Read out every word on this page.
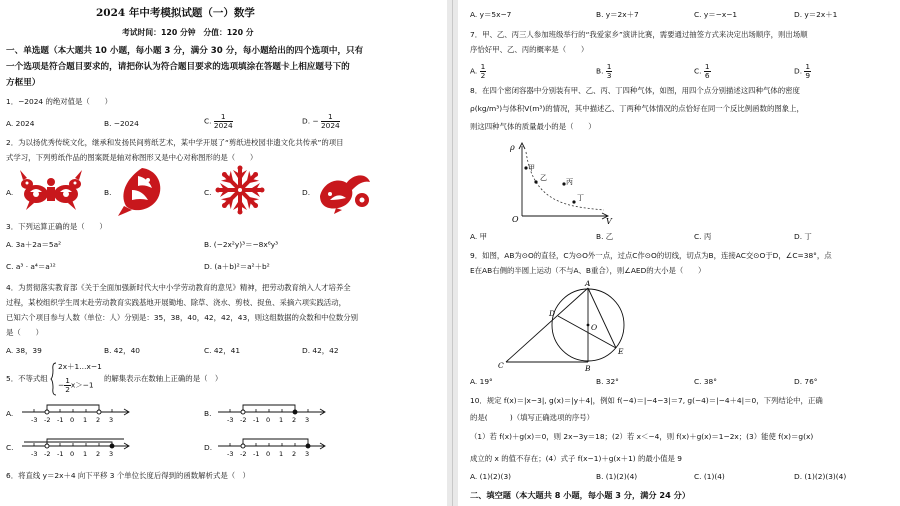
2024 年中考模拟试题（一）数学
考试时间：120 分钟　分值：120 分
一、单选题（本大题共 10 小题，每小题 3 分，满分 30 分，每小题给出的四个选项中，只有
一个选项是符合题目要求的，请把你认为符合题目要求的选项填涂在答题卡上相应题号下的
方框里）
1．−2024 的绝对值是（　　）
A. 2024	B. −2024	C. $\frac{1}{2024}$	D. − $\frac{1}{2024}$
2．为以扬优秀传统文化，继承和发扬民间剪纸艺术，某中学开展了“剪纸进校园非遗文化共传承”的项目
式学习，下列剪纸作品的图案既是轴对称图形又是中心对称图形的是（　　）
A.	B.	C.	D.
3．下列运算正确的是（　　）
A. 3a＋2a＝5a²	B. (−2x²y)³＝−8x⁶y³
C. a³ · a⁴＝a¹²	D. (a＋b)²＝a²＋b²
4．为贯彻落实教育部《关于全面加强新时代大中小学劳动教育的意见》精神，把劳动教育纳入人才培养全
过程，某校组织学生周末赴劳动教育实践基地开展锄地、除草、浇水、剪枝、捉鱼、采摘六项实践活动，
已知六个项目参与人数（单位：人）分别是：35，38，40，42，42，43，则这组数据的众数和中位数分别
是（　　）
A. 38，39	B. 42，40	C. 42，41	D. 42，42
5．不等式组
2x＋1…x−1
− $\frac{1}{2} x>-1$
的解集表示在数轴上正确的是（　）
A.
-3 -2 -1 0 1 2 3
B.
-3 -2 -1 0 1 2 3
C.
-3 -2 -1 0 1 2 3
D.
-3 -2 -1 0 1 2 3
6．将直线 y＝2x＋4 向下平移 3 个单位长度后得到的函数解析式是（　）
A. y＝5x−7	B. y＝2x＋7	C. y＝−x−1	D. y＝2x＋1
7．甲、乙、丙三人参加班级举行的“我爱家乡”演讲比赛，需要通过抽签方式来决定出场顺序，则出场顺
序恰好甲、乙、丙的概率是（　　）
A. $\frac{1}{2}$	B. $\frac{1}{3}$	C. $\frac{1}{6}$	D. $\frac{1}{9}$
8．在四个密闭容器中分别装有甲、乙、丙、丁四种气体，如图，用四个点分别描述这四种气体的密度
ρ(kg/m³)与体积V(m³)的情况，其中描述乙、丁两种气体情况的点恰好在同一个反比例函数的图象上，
则这四种气体的质量最小的是（　　）
ρ
V
O
甲
乙	丙
丁
A. 甲	B. 乙	C. 丙	D. 丁
9．如图，AB为⊙O的直径，C为⊙O外一点，过点C作⊙O的切线，切点为B，连接AC交⊙O于D，∠C=38°，点
E在AB右侧的半圆上运动（不与A、B重合），则∠AED的大小是（　　）
A
B
C
D
E
O
A. 19°	B. 32°	C. 38°	D. 76°
10．规定 f(x)＝|x−3|, g(x)＝|y＋4|，例如 f(−4)＝|−4−3|＝7, g(−4)＝|−4＋4|＝0，下列结论中，正确
的是(　　　)（填写正确选项的序号）
（1）若 f(x)＋g(x)＝0，则 2x−3y＝18；(2）若 x＜−4，则 f(x)＋g(x)＝1−2x；(3）能使 f(x)＝g(x)
成立的 x 的值不存在；(4）式子 f(x−1)＋g(x＋1) 的最小值是 9
A. (1)(2)(3)	B. (1)(2)(4)	C. (1)(4)	D. (1)(2)(3)(4)
二、填空题（本大题共 8 小题，每小题 3 分，满分 24 分）
